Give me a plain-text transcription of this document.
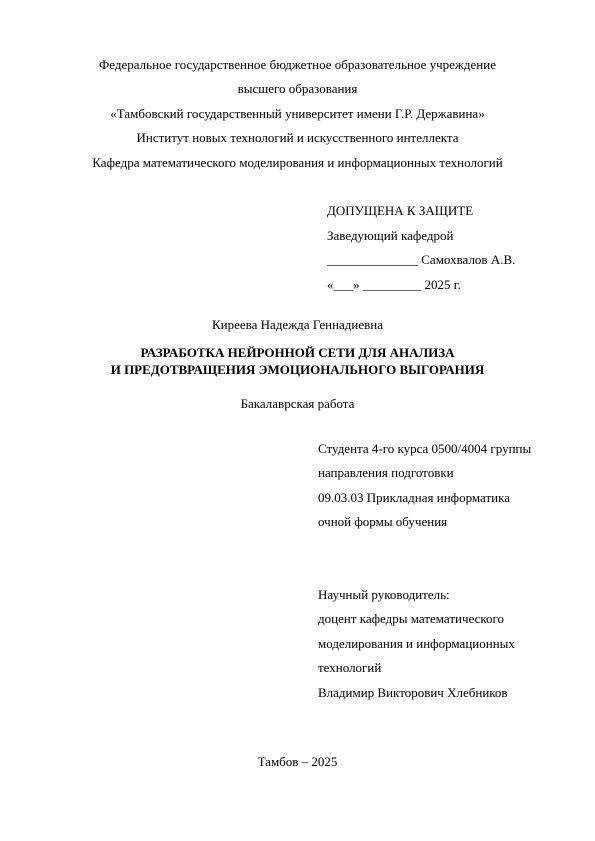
Федеральное государственное бюджетное образовательное учреждение
высшего образования
«Тамбовский государственный университет имени Г.Р. Державина»
Институт новых технологий и искусственного интеллекта
Кафедра математического моделирования и информационных технологий
ДОПУЩЕНА К ЗАЩИТЕ
Заведующий кафедрой
______________ Самохвалов А.В.
«___» _________ 2025 г.
Киреева Надежда Геннадиевна
РАЗРАБОТКА НЕЙРОННОЙ СЕТИ ДЛЯ АНАЛИЗА
И ПРЕДОТВРАЩЕНИЯ ЭМОЦИОНАЛЬНОГО ВЫГОРАНИЯ
Бакалаврская работа
Студента 4-го курса 0500/4004 группы
направления подготовки
09.03.03 Прикладная информатика
очной формы обучения
Научный руководитель:
доцент кафедры математического
моделирования и информационных
технологий
Владимир Викторович Хлебников
Тамбов – 2025
